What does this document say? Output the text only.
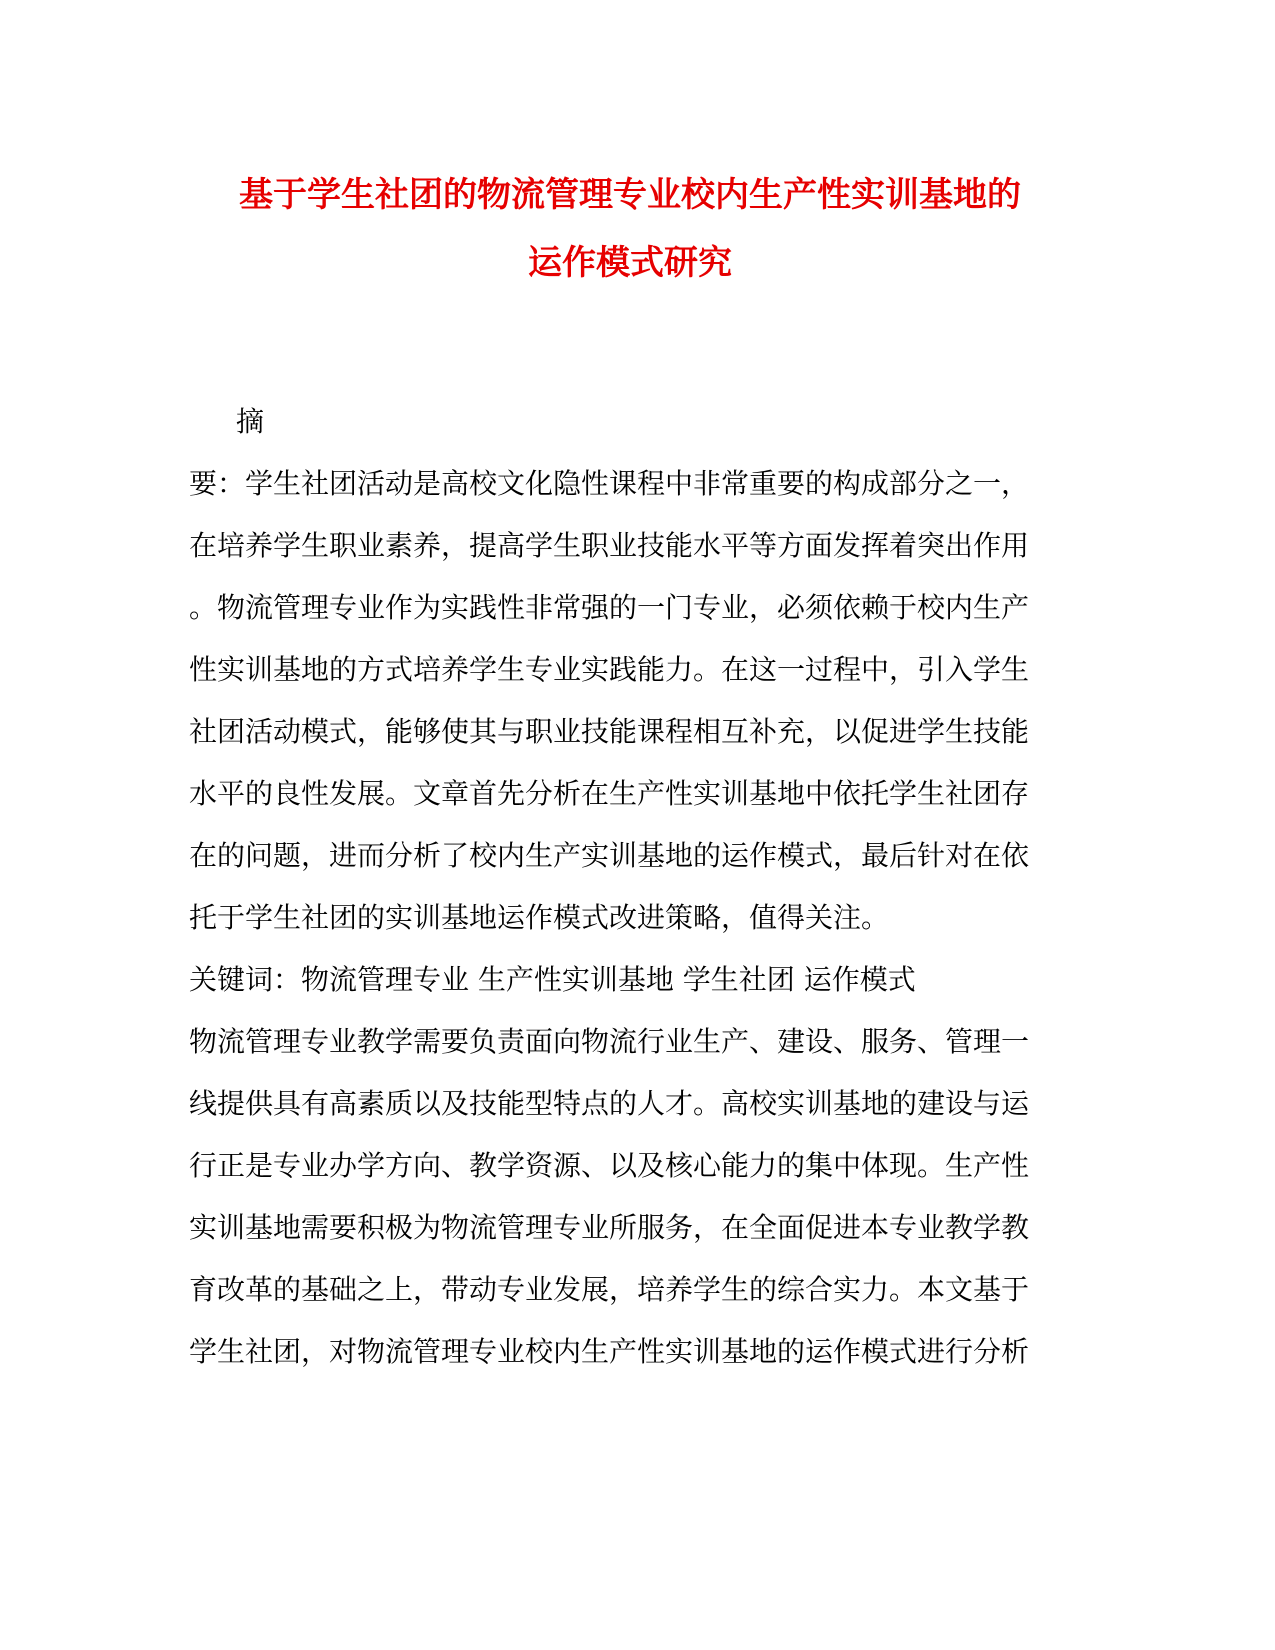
基于学生社团的物流管理专业校内生产性实训基地的
运作模式研究
摘
要：学生社团活动是高校文化隐性课程中非常重要的构成部分之一，
在培养学生职业素养，提高学生职业技能水平等方面发挥着突出作用
。物流管理专业作为实践性非常强的一门专业，必须依赖于校内生产
性实训基地的方式培养学生专业实践能力。在这一过程中，引入学生
社团活动模式，能够使其与职业技能课程相互补充，以促进学生技能
水平的良性发展。文章首先分析在生产性实训基地中依托学生社团存
在的问题，进而分析了校内生产实训基地的运作模式，最后针对在依
托于学生社团的实训基地运作模式改进策略，值得关注。
关键词：物流管理专业 生产性实训基地 学生社团 运作模式
物流管理专业教学需要负责面向物流行业生产、建设、服务、管理一
线提供具有高素质以及技能型特点的人才。高校实训基地的建设与运
行正是专业办学方向、教学资源、以及核心能力的集中体现。生产性
实训基地需要积极为物流管理专业所服务，在全面促进本专业教学教
育改革的基础之上，带动专业发展，培养学生的综合实力。本文基于
学生社团，对物流管理专业校内生产性实训基地的运作模式进行分析
